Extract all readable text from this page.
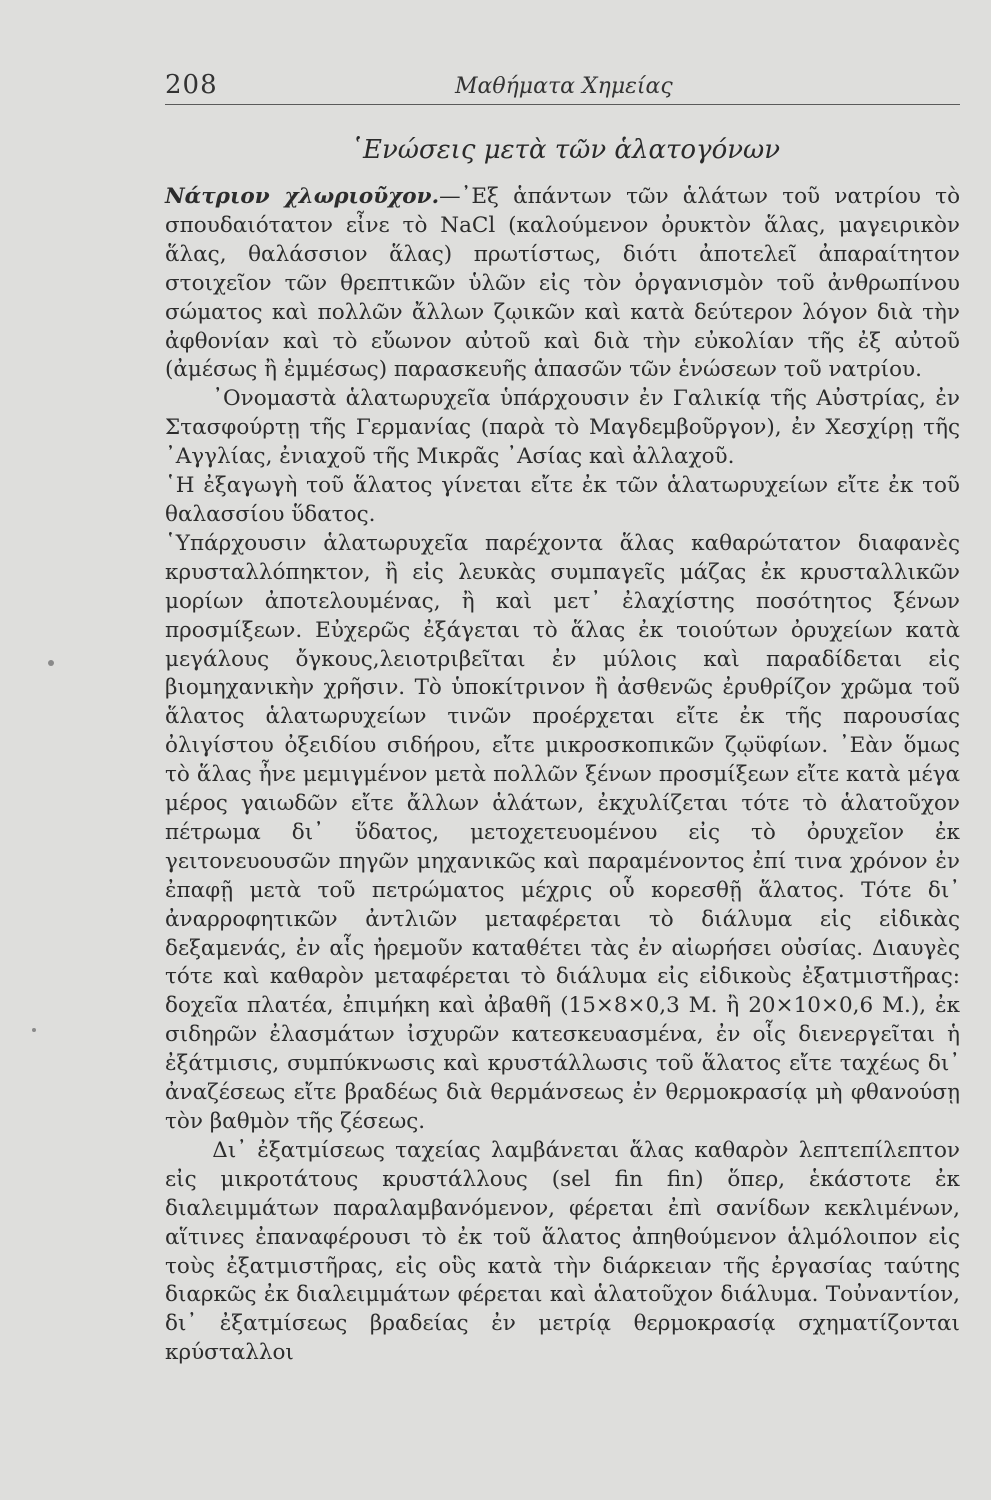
208	Μαθήματα Χημείας
῾Ενώσεις μετὰ τῶν ἁλατογόνων

Νάτριον χλωριοῦχον.—᾿Εξ ἁπάντων τῶν ἁλάτων τοῦ νατρίου τὸ σπουδαιότατον εἶνε τὸ NaCl (καλούμενον ὀρυκτὸν ἅλας, μαγειρικὸν ἅλας, θαλάσσιον ἅλας) πρωτίστως, διότι ἀποτελεῖ ἀπαραίτητον στοιχεῖον τῶν θρεπτικῶν ὑλῶν εἰς τὸν ὀργανισμὸν τοῦ ἀνθρωπίνου σώματος καὶ πολλῶν ἄλλων ζῳικῶν καὶ κατὰ δεύτερον λόγον διὰ τὴν ἀφθονίαν καὶ τὸ εὔωνον αὐτοῦ καὶ διὰ τὴν εὐκολίαν τῆς ἐξ αὐτοῦ (ἀμέσως ἢ ἐμμέσως) παρασκευῆς ἁπασῶν τῶν ἑνώσεων τοῦ νατρίου.

᾿Ονομαστὰ ἁλατωρυχεῖα ὑπάρχουσιν ἐν Γαλικίᾳ τῆς Αὐστρίας, ἐν Στασφούρτῃ τῆς Γερμανίας (παρὰ τὸ Μαγδεμβοῦργον), ἐν Χεσχίρῃ τῆς ᾿Αγγλίας, ἐνιαχοῦ τῆς Μικρᾶς ᾿Ασίας καὶ ἀλλαχοῦ.

῾Η ἐξαγωγὴ τοῦ ἅλατος γίνεται εἴτε ἐκ τῶν ἁλατωρυχείων εἴτε ἐκ τοῦ θαλασσίου ὕδατος.

῾Υπάρχουσιν ἁλατωρυχεῖα παρέχοντα ἅλας καθαρώτατον διαφανὲς κρυσταλλόπηκτον, ἢ εἰς λευκὰς συμπαγεῖς μάζας ἐκ κρυσταλλικῶν μορίων ἀποτελουμένας, ἢ καὶ μετ᾿ ἐλαχίστης ποσότητος ξένων προσμίξεων. Εὐχερῶς ἐξάγεται τὸ ἅλας ἐκ τοιούτων ὀρυχείων κατὰ μεγάλους ὄγκους,λειοτριβεῖται ἐν μύλοις καὶ παραδίδεται εἰς βιομηχανικὴν χρῆσιν. Τὸ ὑποκίτρινον ἢ ἀσθενῶς ἐρυθρίζον χρῶμα τοῦ ἅλατος ἁλατωρυχείων τινῶν προέρχεται εἴτε ἐκ τῆς παρουσίας ὀλιγίστου ὀξειδίου σιδήρου, εἴτε μικροσκοπικῶν ζῳϋφίων. ᾿Εὰν ὅμως τὸ ἅλας ἦνε μεμιγμένον μετὰ πολλῶν ξένων προσμίξεων εἴτε κατὰ μέγα μέρος γαιωδῶν εἴτε ἄλλων ἁλάτων, ἐκχυλίζεται τότε τὸ ἁλατοῦχον πέτρωμα δι᾿ ὕδατος, μετοχετευομένου εἰς τὸ ὀρυχεῖον ἐκ γειτονευουσῶν πηγῶν μηχανικῶς καὶ παραμένοντος ἐπί τινα χρόνον ἐν ἐπαφῇ μετὰ τοῦ πετρώματος μέχρις οὗ κορεσθῇ ἅλατος. Τότε δι᾿ ἀναρροφητικῶν ἀντλιῶν μεταφέρεται τὸ διάλυμα εἰς εἰδικὰς δεξαμενάς, ἐν αἷς ἠρεμοῦν καταθέτει τὰς ἐν αἰωρήσει οὐσίας. Διαυγὲς τότε καὶ καθαρὸν μεταφέρεται τὸ διάλυμα εἰς εἰδικοὺς ἐξατμιστῆρας: δοχεῖα πλατέα, ἐπιμήκη καὶ ἀβαθῆ (15×8×0,3 Μ. ἢ 20×10×0,6 Μ.), ἐκ σιδηρῶν ἐλασμάτων ἰσχυρῶν κατεσκευασμένα, ἐν οἷς διενεργεῖται ἡ ἐξάτμισις, συμπύκνωσις καὶ κρυστάλλωσις τοῦ ἅλατος εἴτε ταχέως δι᾿ ἀναζέσεως εἴτε βραδέως διὰ θερμάνσεως ἐν θερμοκρασίᾳ μὴ φθανούσῃ τὸν βαθμὸν τῆς ζέσεως.

Δι᾿ ἐξατμίσεως ταχείας λαμβάνεται ἅλας καθαρὸν λεπτεπίλεπτον εἰς μικροτάτους κρυστάλλους (sel fin fin) ὅπερ, ἑκάστοτε ἐκ διαλειμμάτων παραλαμβανόμενον, φέρεται ἐπὶ σανίδων κεκλιμένων, αἵτινες ἐπαναφέρουσι τὸ ἐκ τοῦ ἅλατος ἀπηθούμενον ἁλμόλοιπον εἰς τοὺς ἐξατμιστῆρας, εἰς οὓς κατὰ τὴν διάρκειαν τῆς ἐργασίας ταύτης διαρκῶς ἐκ διαλειμμάτων φέρεται καὶ ἁλατοῦχον διάλυμα. Τοὐναντίον, δι᾿ ἐξατμίσεως βραδείας ἐν μετρίᾳ θερμοκρασίᾳ σχηματίζονται κρύσταλλοι
